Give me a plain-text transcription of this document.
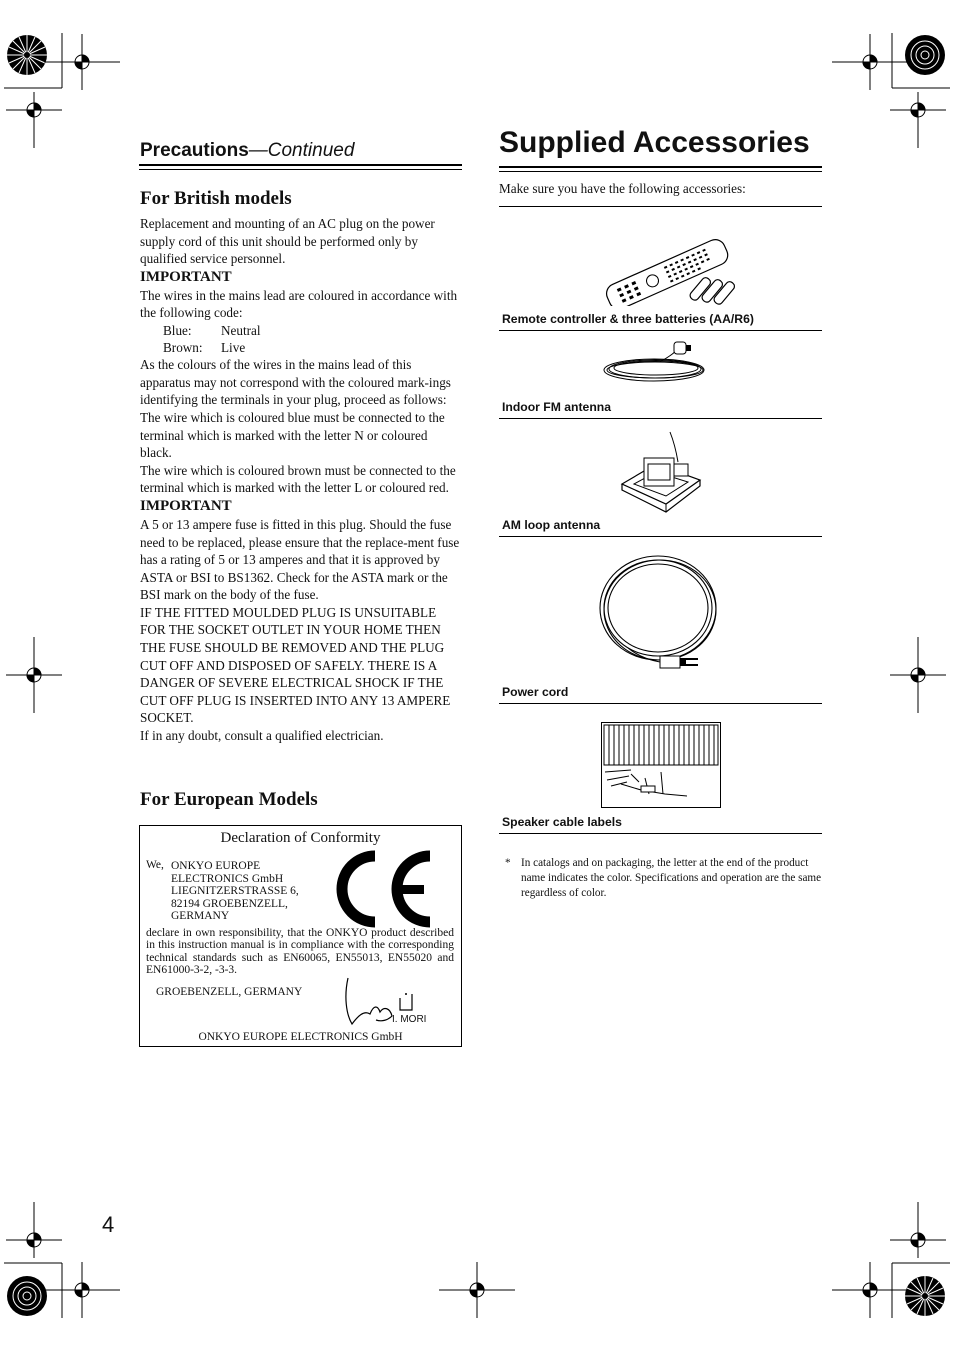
Precautions—Continued
For British models

Replacement and mounting of an AC plug on the power supply cord of this unit should be performed only by qualified service personnel.

IMPORTANT

The wires in the mains lead are coloured in accordance with the following code:

Blue:	Neutral
Brown:	Live

As the colours of the wires in the mains lead of this apparatus may not correspond with the coloured mark-ings identifying the terminals in your plug, proceed as follows:

The wire which is coloured blue must be connected to the terminal which is marked with the letter N or coloured black.

The wire which is coloured brown must be connected to the terminal which is marked with the letter L or coloured red.

IMPORTANT

A 5 or 13 ampere fuse is fitted in this plug. Should the fuse need to be replaced, please ensure that the replace-ment fuse has a rating of 5 or 13 amperes and that it is approved by ASTA or BSI to BS1362. Check for the ASTA mark or the BSI mark on the body of the fuse.

IF THE FITTED MOULDED PLUG IS UNSUITABLE FOR THE SOCKET OUTLET IN YOUR HOME THEN THE FUSE SHOULD BE REMOVED AND THE PLUG CUT OFF AND DISPOSED OF SAFELY. THERE IS A DANGER OF SEVERE ELECTRICAL SHOCK IF THE CUT OFF PLUG IS INSERTED INTO ANY 13 AMPERE SOCKET.

If in any doubt, consult a qualified electrician.

For European Models
Declaration of Conformity
We, ONKYO EUROPE
ELECTRONICS GmbH
LIEGNITZERSTRASSE 6,
82194 GROEBENZELL,
GERMANY
declare in own responsibility, that the ONKYO product described in this instruction manual is in compliance with the corresponding technical standards such as EN60065, EN55013, EN55020 and EN61000-3-2, -3-3.
GROEBENZELL, GERMANY
I. MORI
ONKYO EUROPE ELECTRONICS GmbH
Supplied Accessories
Make sure you have the following accessories:
Remote controller & three batteries (AA/R6)
Indoor FM antenna
AM loop antenna
Power cord
Speaker cable labels
* In catalogs and on packaging, the letter at the end of the product name indicates the color. Specifications and operation are the same regardless of color.
4
